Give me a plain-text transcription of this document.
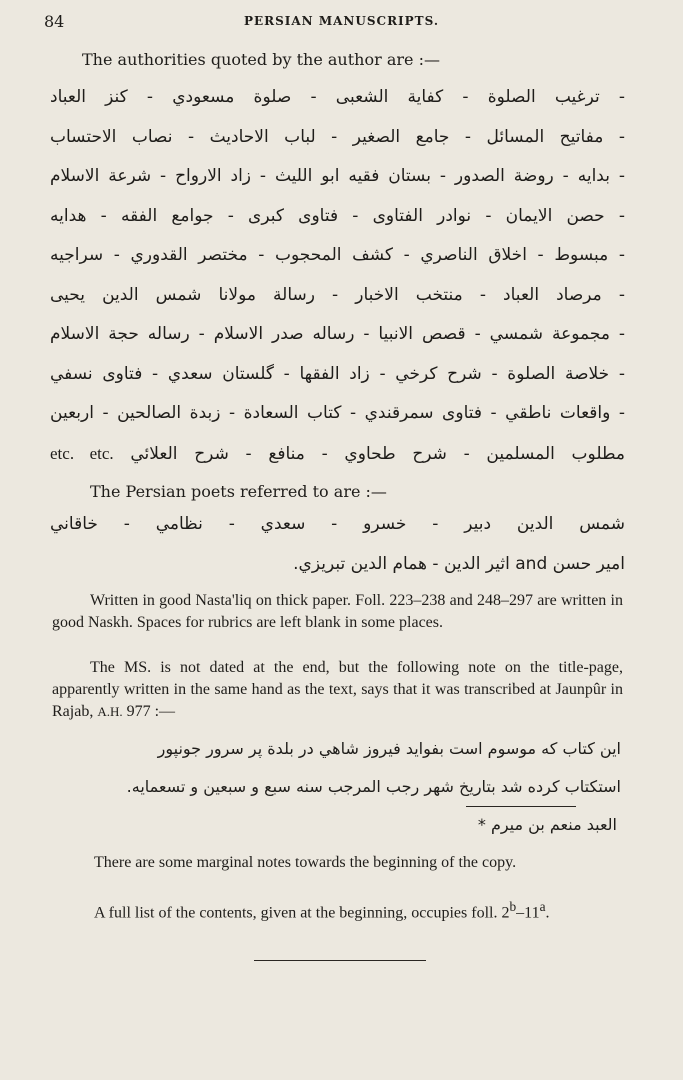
84	PERSIAN MANUSCRIPTS.
The authorities quoted by the author are :—
- ترغيب الصلوة - كفاية الشعبى - صلوة مسعودي - كنز العباد
- مفاتيح المسائل - جامع الصغير - لباب الاحاديث - نصاب الاحتساب
- بدايه - روضة الصدور - بستان فقيه ابو الليث - زاد الارواح - شرعة الاسلام
- حصن الايمان - نوادر الفتاوى - فتاوى كبرى - جوامع الفقه - هدايه
- مبسوط - اخلاق الناصري - كشف المحجوب - مختصر القدوري - سراجيه
- مرصاد العباد - منتخب الاخبار - رسالة مولانا شمس الدين يحيى
- مجموعة شمسي - قصص الانبيا - رساله صدر الاسلام - رساله حجة الاسلام
- خلاصة الصلوة - شرح كرخي - زاد الفقها - گلستان سعدي - فتاوى نسفي
- واقعات ناطقي - فتاوى سمرقندي - كتاب السعادة - زبدة الصالحين - اربعين
مطلوب المسلمين - شرح طحاوي - منافع - شرح العلائي etc. etc.
The Persian poets referred to are :—
شمس الدين دبير - خسرو - سعدي - نظامي - خاقاني
امير حسن and اثير الدين - همام الدين تبريزي.
Written in good Nasta'liq on thick paper. Foll. 223–238 and 248–297 are written in good Naskh. Spaces for rubrics are left blank in some places.
The MS. is not dated at the end, but the following note on the title-page, apparently written in the same hand as the text, says that it was transcribed at Jaunpûr in Rajab, A.H. 977 :—
اين كتاب كه موسوم است بفوايد فيروز شاهي در بلدة پر سرور جونپور
استكتاب كرده شد بتاريخ شهر رجب المرجب سنه سبع و سبعين و تسعمايه.
العبد منعم بن ميرم *
There are some marginal notes towards the beginning of the copy.
A full list of the contents, given at the beginning, occupies foll. 2$^b$–11$^a$.
